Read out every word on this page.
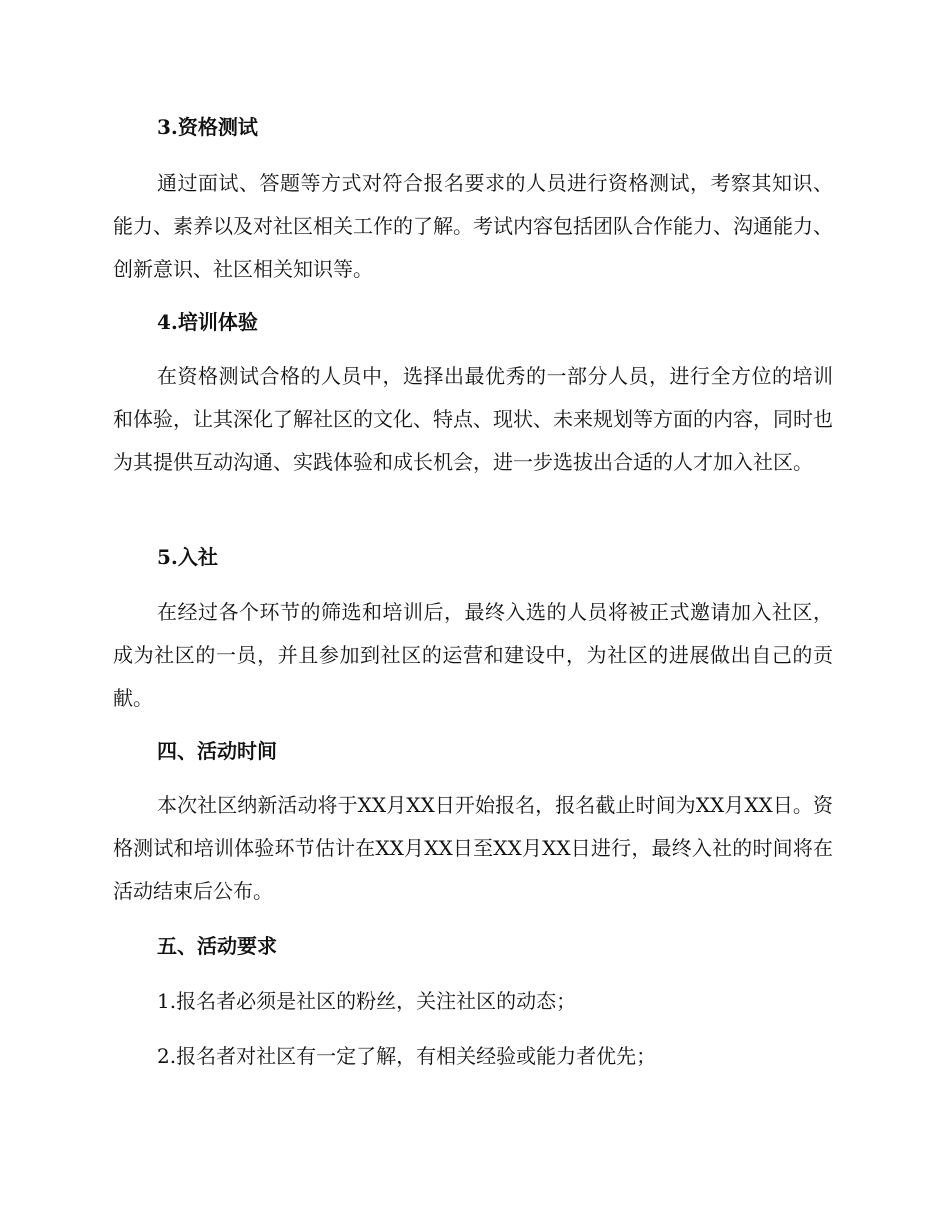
3.资格测试

通过面试、答题等方式对符合报名要求的人员进行资格测试，考察其知识、能力、素养以及对社区相关工作的了解。考试内容包括团队合作能力、沟通能力、创新意识、社区相关知识等。

4.培训体验

在资格测试合格的人员中，选择出最优秀的一部分人员，进行全方位的培训和体验，让其深化了解社区的文化、特点、现状、未来规划等方面的内容，同时也为其提供互动沟通、实践体验和成长机会，进一步选拔出合适的人才加入社区。

5.入社

在经过各个环节的筛选和培训后，最终入选的人员将被正式邀请加入社区，成为社区的一员，并且参加到社区的运营和建设中，为社区的进展做出自己的贡献。

四、活动时间

本次社区纳新活动将于XX月XX日开始报名，报名截止时间为XX月XX日。资格测试和培训体验环节估计在XX月XX日至XX月XX日进行，最终入社的时间将在活动结束后公布。

五、活动要求

1.报名者必须是社区的粉丝，关注社区的动态；

2.报名者对社区有一定了解，有相关经验或能力者优先；
